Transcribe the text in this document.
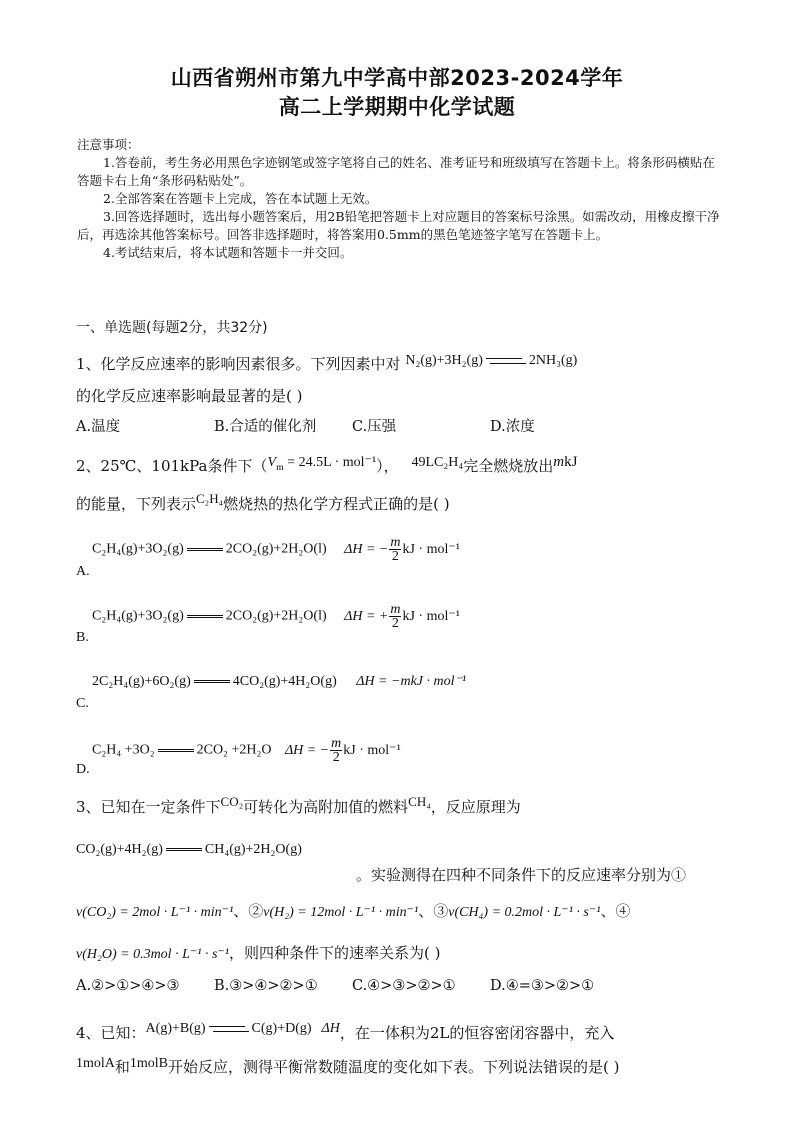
山西省朔州市第九中学高中部2023-2024学年
高二上学期期中化学试题

注意事项：

1.答卷前，考生务必用黑色字迹钢笔或签字笔将自己的姓名、准考证号和班级填写在答题卡上。将条形码横贴在答题卡右上角“条形码粘贴处”。

2.全部答案在答题卡上完成，答在本试题上无效。

3.回答选择题时，选出每小题答案后，用2B铅笔把答题卡上对应题目的答案标号涂黑。如需改动，用橡皮擦干净后，再选涂其他答案标号。回答非选择题时，将答案用0.5mm的黑色笔迹签字笔写在答题卡上。

4.考试结束后，将本试题和答题卡一并交回。

一、单选题(每题2分，共32分)
1、化学反应速率的影响因素很多。下列因素中对 N₂(g)+3H₂(g)	2NH₃(g)
的化学反应速率影响最显著的是( )
A.温度	B.合适的催化剂 C.压强	D.浓度
2、25℃、101kPa条件下$(V_m = 24.5L \cdot mol^{-1})$， 49LC₂H₄完全燃烧放出mkJ
的能量，下列表示C₂H₄燃烧热的热化学方程式正确的是( )
C₂H₄(g)+3O₂(g)	2CO₂(g)+2H₂O(l) ΔH = − $\frac{m}{2}$ kJ · mol⁻¹
A.
C₂H₄(g)+3O₂(g)	2CO₂(g)+2H₂O(l) ΔH = + $\frac{m}{2}$ kJ · mol⁻¹
B.
2C₂H₄(g)+6O₂(g)	4CO₂(g)+4H₂O(g) ΔH = −mkJ · mol⁻¹
C.
C₂H₄ +3O₂	2CO₂ +2H₂O ΔH = − $\frac{m}{2}$ kJ · mol⁻¹
D.
3、已知在一定条件下CO₂可转化为高附加值的燃料CH₄，反应原理为
CO₂(g)+4H₂(g)	CH₄(g)+2H₂O(g)
。实验测得在四种不同条件下的反应速率分别为①
v(CO₂) = 2mol · L⁻¹ · min⁻¹、②v(H₂) = 12mol · L⁻¹ · min⁻¹、③v(CH₄) = 0.2mol · L⁻¹ · s⁻¹、④
v(H₂O) = 0.3mol · L⁻¹ · s⁻¹，则四种条件下的速率关系为( )
A.②>①>④>③ B.③>④>②>① C.④>③>②>① D.④=③>②>①
4、已知：A(g)+B(g)	C(g)+D(g) ΔH，在一体积为2L的恒容密闭容器中，充入
1molA和1molB开始反应，测得平衡常数随温度的变化如下表。下列说法错误的是( )
